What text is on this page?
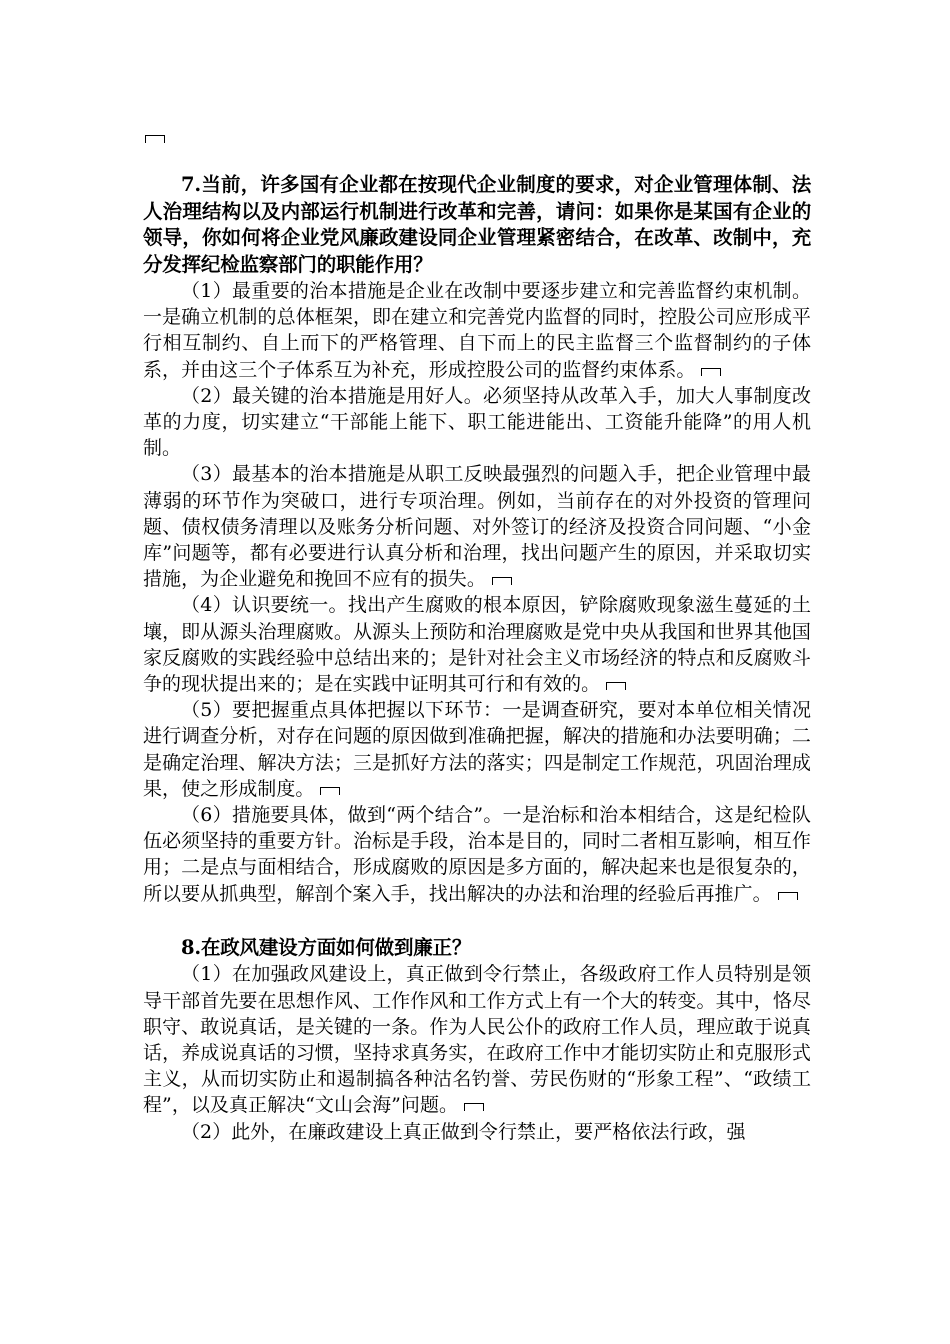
7.当前，许多国有企业都在按现代企业制度的要求，对企业管理体制、法人治理结构以及内部运行机制进行改革和完善，请问：如果你是某国有企业的领导，你如何将企业党风廉政建设同企业管理紧密结合，在改革、改制中，充分发挥纪检监察部门的职能作用？

（1）最重要的治本措施是企业在改制中要逐步建立和完善监督约束机制。一是确立机制的总体框架，即在建立和完善党内监督的同时，控股公司应形成平行相互制约、自上而下的严格管理、自下而上的民主监督三个监督制约的子体系，并由这三个子体系互为补充，形成控股公司的监督约束体系。

（2）最关键的治本措施是用好人。必须坚持从改革入手，加大人事制度改革的力度，切实建立“干部能上能下、职工能进能出、工资能升能降”的用人机制。

（3）最基本的治本措施是从职工反映最强烈的问题入手，把企业管理中最薄弱的环节作为突破口，进行专项治理。例如，当前存在的对外投资的管理问题、债权债务清理以及账务分析问题、对外签订的经济及投资合同问题、“小金库”问题等，都有必要进行认真分析和治理，找出问题产生的原因，并采取切实措施，为企业避免和挽回不应有的损失。

（4）认识要统一。找出产生腐败的根本原因，铲除腐败现象滋生蔓延的土壤，即从源头治理腐败。从源头上预防和治理腐败是党中央从我国和世界其他国家反腐败的实践经验中总结出来的；是针对社会主义市场经济的特点和反腐败斗争的现状提出来的；是在实践中证明其可行和有效的。

（5）要把握重点具体把握以下环节：一是调查研究，要对本单位相关情况进行调查分析，对存在问题的原因做到准确把握，解决的措施和办法要明确；二是确定治理、解决方法；三是抓好方法的落实；四是制定工作规范，巩固治理成果，使之形成制度。

（6）措施要具体，做到“两个结合”。一是治标和治本相结合，这是纪检队伍必须坚持的重要方针。治标是手段，治本是目的，同时二者相互影响，相互作用；二是点与面相结合，形成腐败的原因是多方面的，解决起来也是很复杂的，所以要从抓典型，解剖个案入手，找出解决的办法和治理的经验后再推广。

8.在政风建设方面如何做到廉正？

（1）在加强政风建设上，真正做到令行禁止，各级政府工作人员特别是领导干部首先要在思想作风、工作作风和工作方式上有一个大的转变。其中，恪尽职守、敢说真话，是关键的一条。作为人民公仆的政府工作人员，理应敢于说真话，养成说真话的习惯，坚持求真务实，在政府工作中才能切实防止和克服形式主义，从而切实防止和遏制搞各种沽名钓誉、劳民伤财的“形象工程”、“政绩工程”，以及真正解决“文山会海”问题。

（2）此外，在廉政建设上真正做到令行禁止，要严格依法行政，强
